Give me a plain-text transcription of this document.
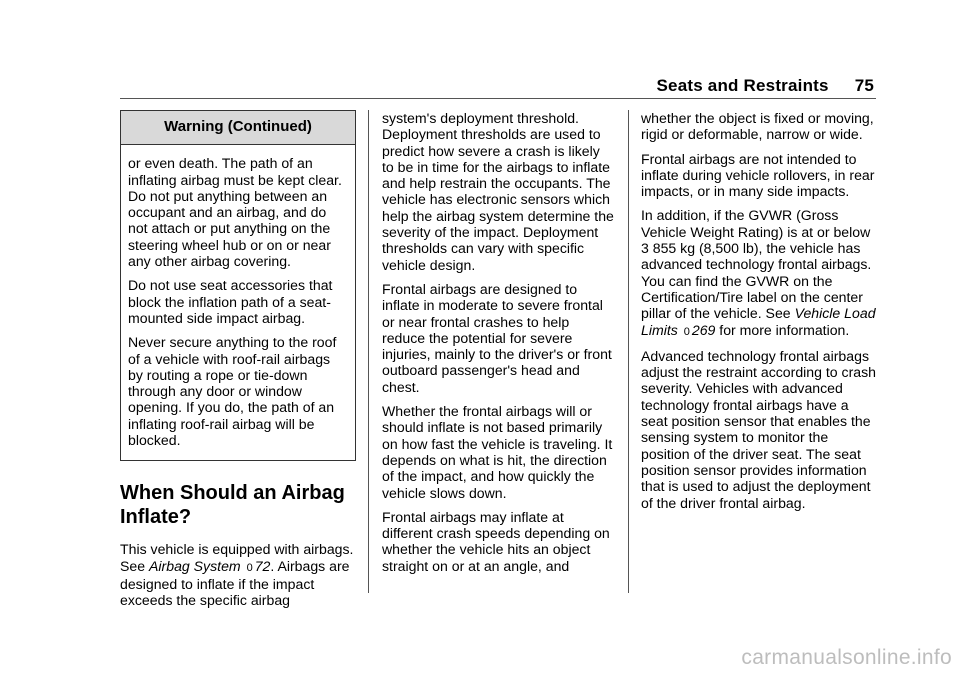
Seats and Restraints 75
Warning (Continued)

or even death. The path of an inflating airbag must be kept clear. Do not put anything between an occupant and an airbag, and do not attach or put anything on the steering wheel hub or on or near any other airbag covering.

Do not use seat accessories that block the inflation path of a seat-mounted side impact airbag.

Never secure anything to the roof of a vehicle with roof-rail airbags by routing a rope or tie-down through any door or window opening. If you do, the path of an inflating roof-rail airbag will be blocked.

When Should an Airbag Inflate?

This vehicle is equipped with airbags. See Airbag System 0 72. Airbags are designed to inflate if the impact exceeds the specific airbag

system's deployment threshold. Deployment thresholds are used to predict how severe a crash is likely to be in time for the airbags to inflate and help restrain the occupants. The vehicle has electronic sensors which help the airbag system determine the severity of the impact. Deployment thresholds can vary with specific vehicle design.

Frontal airbags are designed to inflate in moderate to severe frontal or near frontal crashes to help reduce the potential for severe injuries, mainly to the driver's or front outboard passenger's head and chest.

Whether the frontal airbags will or should inflate is not based primarily on how fast the vehicle is traveling. It depends on what is hit, the direction of the impact, and how quickly the vehicle slows down.

Frontal airbags may inflate at different crash speeds depending on whether the vehicle hits an object straight on or at an angle, and

whether the object is fixed or moving, rigid or deformable, narrow or wide.

Frontal airbags are not intended to inflate during vehicle rollovers, in rear impacts, or in many side impacts.

In addition, if the GVWR (Gross Vehicle Weight Rating) is at or below 3 855 kg (8,500 lb), the vehicle has advanced technology frontal airbags. You can find the GVWR on the Certification/Tire label on the center pillar of the vehicle. See Vehicle Load Limits 0 269 for more information.

Advanced technology frontal airbags adjust the restraint according to crash severity. Vehicles with advanced technology frontal airbags have a seat position sensor that enables the sensing system to monitor the position of the driver seat. The seat position sensor provides information that is used to adjust the deployment of the driver frontal airbag.

carmanualsonline.info
